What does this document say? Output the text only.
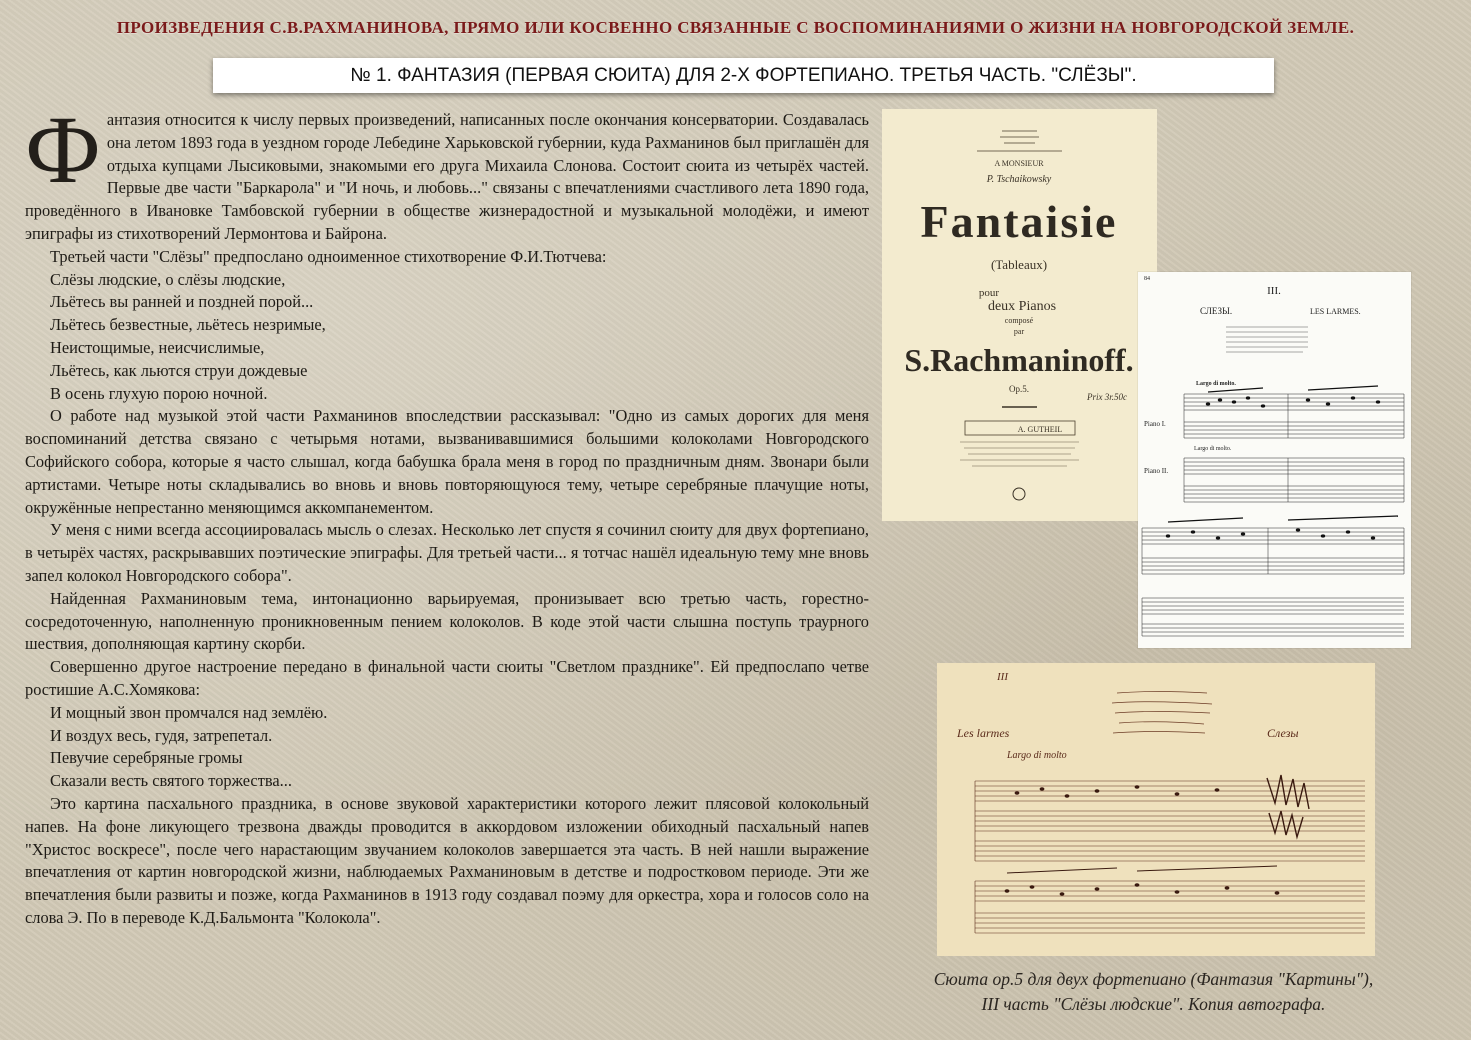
ПРОИЗВЕДЕНИЯ С.В.РАХМАНИНОВА, ПРЯМО ИЛИ КОСВЕННО СВЯЗАННЫЕ С ВОСПОМИНАНИЯМИ О ЖИЗНИ НА НОВГОРОДСКОЙ ЗЕМЛЕ.
№ 1. ФАНТАЗИЯ (ПЕРВАЯ СЮИТА) ДЛЯ 2-Х ФОРТЕПИАНО. ТРЕТЬЯ ЧАСТЬ. "СЛЁЗЫ".

Фантазия относится к числу первых произведений, написанных после окончания консерватории. Создавалась она летом 1893 года в уездном городе Лебедине Харьковской губернии, куда Рахманинов был приглашён для отдыха купцами Лысиковыми, знакомыми его друга Михаила Слонова. Состоит сюита из четырёх частей. Первые две части "Баркарола" и "И ночь, и любовь..." связаны с впечатлениями счастливого лета 1890 года, проведённого в Ивановке Тамбовской губернии в обществе жизнерадостной и музыкальной молодёжи, и имеют эпиграфы из стихотворений Лермонтова и Байрона.

Третьей части "Слёзы" предпослано одноимeнное стихотворение Ф.И.Тютчева:

Слёзы людские, о слёзы людские,

Льётесь вы ранней и поздней порой...

Льётесь безвестные, льётесь незримые,

Неистощимые, неисчислимые,

Льётесь, как льются струи дождевые

В осень глухую порою ночной.

О работе над музыкой этой части Рахманинов впоследствии рассказывал: "Одно из самых дорогих для меня воспоминаний детства связано с четырьмя нотами, вызванивавшимися большими колоколами Новгородского Софийского собора, которые я часто слышал, когда бабушка брала меня в город по праздничным дням. Звонари были артистами. Четыре ноты складывались во вновь и вновь повторяющуюся тему, четыре серебряные плачущие ноты, окружённые непрестанно меняющимся аккомпанементом.

У меня с ними всегда ассоциировалась мысль о слезах. Несколько лет спустя я сочинил сюиту для двух фортепиано, в четырёх частях, раскрывавших поэтические эпиграфы. Для третьей части... я тотчас нашёл идеальную тему мне вновь запел колокол Новгородского собора".

Найденная Рахманиновым тема, интонационно варьируемая, пронизывает всю третью часть, горестно-сосредоточенную, наполненную проникновенным пением колоколов. В коде этой части слышна поступь траурного шествия, дополняющая картину скорби.

Совершенно другое настроение передано в финальной части сюиты "Светлом празднике". Ей предпослапо четве ростишие А.С.Хомякова:

И мощный звон промчался над землёю.

И воздух весь, гудя, затрепетал.

Певучие серебряные громы

Сказали весть святого торжества...

Это картина пасхального праздника, в основе звуковой характеристики которого лежит плясовой колокольный напев. На фоне ликующего трезвона дважды проводится в аккордовом изложении обиходный пасхальный напев "Христос воскресе", после чего нарастающим звучанием колоколов завершается эта часть. В ней нашли выражение впечатления от картин новгородской жизни, наблюдаемых Рахманиновым в детстве и подростковом периоде. Эти же впечатления были развиты и позже, когда Рахманинов в 1913 году создавал поэму для оркестра, хора и голосов соло на слова Э. По в переводе К.Д.Бальмонта "Колокола".

A MONSIEUR
P. Tschaikowsky
Fantaisie
(Tableaux)
pour
deux Pianos
composé
par
S.Rachmaninoff.
Op.5.
Prix 3r.50c
A. GUTHEIL
84
III.
СЛЕЗЫ.	LES LARMES.
Largo di molto.
Piano I.
Largo di molto.
Piano II.
III
Les larmes	Слезы
Largo di molto
Сюита op.5 для двух фортепиано (Фантазия "Картины"),
III часть "Слёзы людские". Копия автографа.
